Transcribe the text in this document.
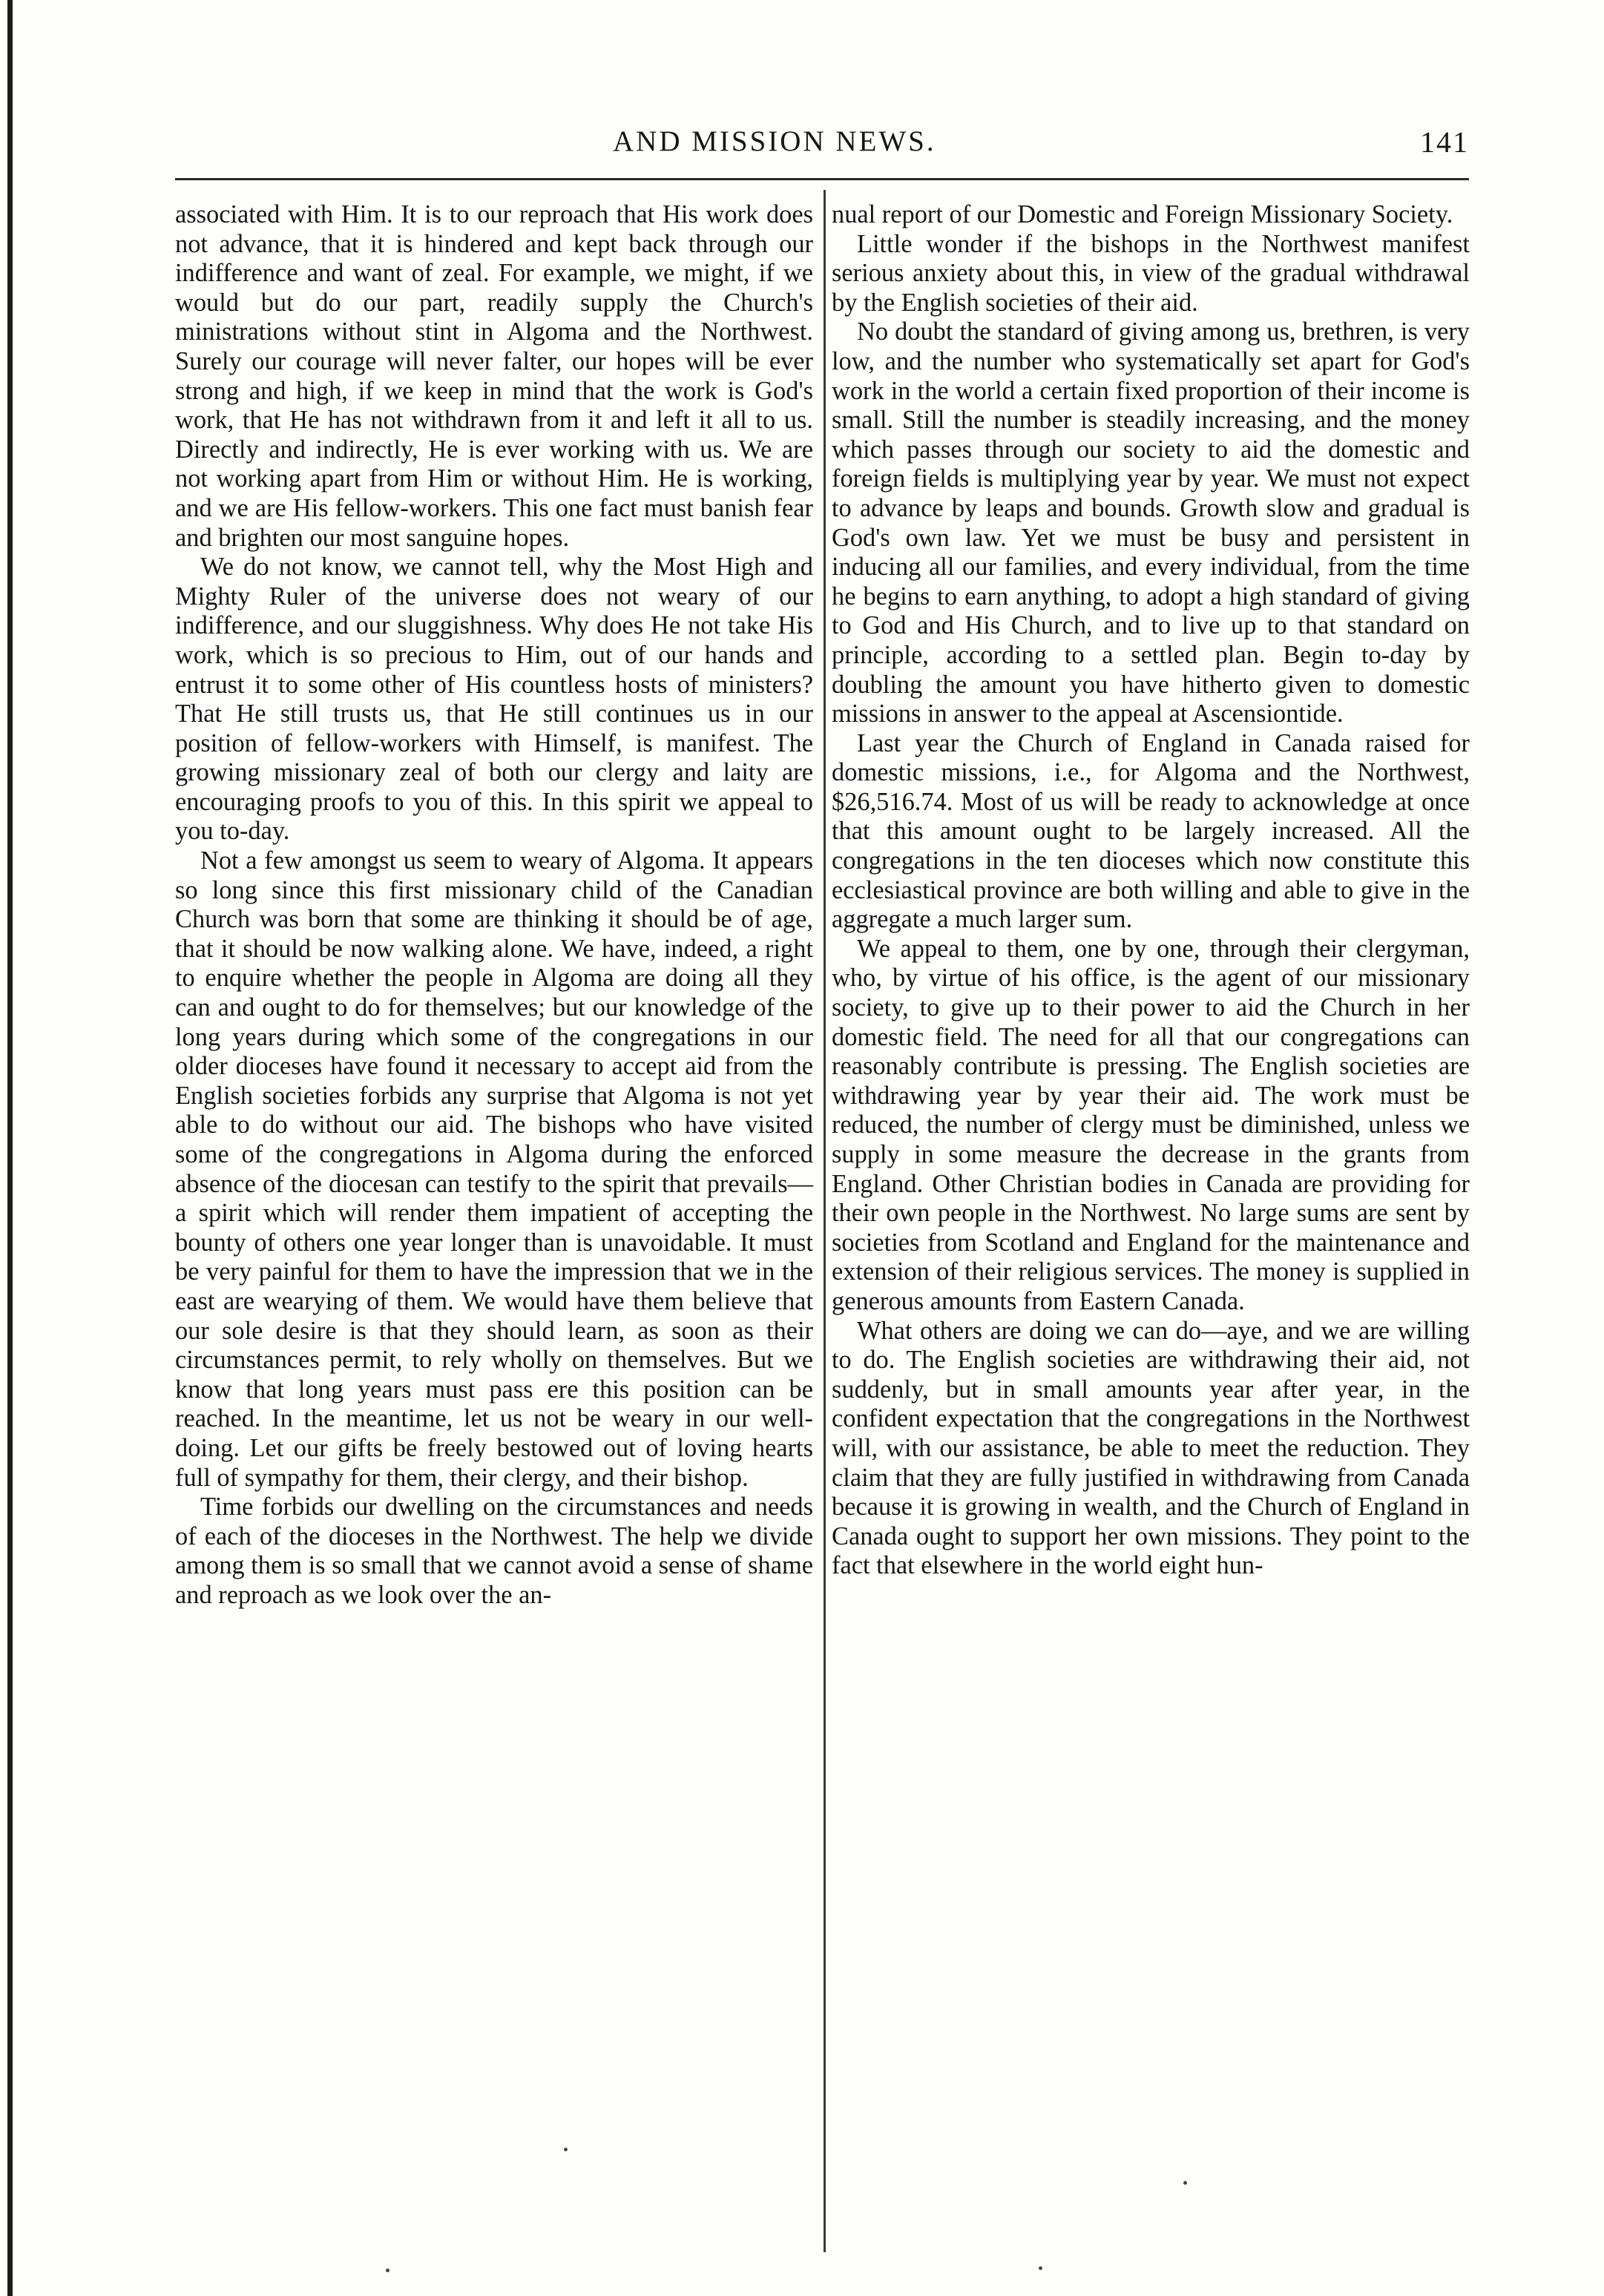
AND MISSION NEWS.	141

associated with Him. It is to our reproach that His work does not advance, that it is hindered and kept back through our indifference and want of zeal. For example, we might, if we would but do our part, readily supply the Church's ministrations without stint in Algoma and the Northwest. Surely our courage will never falter, our hopes will be ever strong and high, if we keep in mind that the work is God's work, that He has not withdrawn from it and left it all to us. Directly and indirectly, He is ever working with us. We are not working apart from Him or without Him. He is working, and we are His fellow-workers. This one fact must banish fear and brighten our most sanguine hopes.

We do not know, we cannot tell, why the Most High and Mighty Ruler of the universe does not weary of our indifference, and our sluggishness. Why does He not take His work, which is so precious to Him, out of our hands and entrust it to some other of His countless hosts of ministers? That He still trusts us, that He still continues us in our position of fellow-workers with Himself, is manifest. The growing missionary zeal of both our clergy and laity are encouraging proofs to you of this. In this spirit we appeal to you to-day.

Not a few amongst us seem to weary of Algoma. It appears so long since this first missionary child of the Canadian Church was born that some are thinking it should be of age, that it should be now walking alone. We have, indeed, a right to enquire whether the people in Algoma are doing all they can and ought to do for themselves; but our knowledge of the long years during which some of the congregations in our older dioceses have found it necessary to accept aid from the English societies forbids any surprise that Algoma is not yet able to do without our aid. The bishops who have visited some of the congregations in Algoma during the enforced absence of the diocesan can testify to the spirit that prevails—a spirit which will render them impatient of accepting the bounty of others one year longer than is unavoidable. It must be very painful for them to have the impression that we in the east are wearying of them. We would have them believe that our sole desire is that they should learn, as soon as their circumstances permit, to rely wholly on themselves. But we know that long years must pass ere this position can be reached. In the meantime, let us not be weary in our well-doing. Let our gifts be freely bestowed out of loving hearts full of sympathy for them, their clergy, and their bishop.

Time forbids our dwelling on the circumstances and needs of each of the dioceses in the Northwest. The help we divide among them is so small that we cannot avoid a sense of shame and reproach as we look over the an-

nual report of our Domestic and Foreign Missionary Society.

Little wonder if the bishops in the Northwest manifest serious anxiety about this, in view of the gradual withdrawal by the English societies of their aid.

No doubt the standard of giving among us, brethren, is very low, and the number who systematically set apart for God's work in the world a certain fixed proportion of their income is small. Still the number is steadily increasing, and the money which passes through our society to aid the domestic and foreign fields is multiplying year by year. We must not expect to advance by leaps and bounds. Growth slow and gradual is God's own law. Yet we must be busy and persistent in inducing all our families, and every individual, from the time he begins to earn anything, to adopt a high standard of giving to God and His Church, and to live up to that standard on principle, according to a settled plan. Begin to-day by doubling the amount you have hitherto given to domestic missions in answer to the appeal at Ascensiontide.

Last year the Church of England in Canada raised for domestic missions, i.e., for Algoma and the Northwest, $26,516.74. Most of us will be ready to acknowledge at once that this amount ought to be largely increased. All the congregations in the ten dioceses which now constitute this ecclesiastical province are both willing and able to give in the aggregate a much larger sum.

We appeal to them, one by one, through their clergyman, who, by virtue of his office, is the agent of our missionary society, to give up to their power to aid the Church in her domestic field. The need for all that our congregations can reasonably contribute is pressing. The English societies are withdrawing year by year their aid. The work must be reduced, the number of clergy must be diminished, unless we supply in some measure the decrease in the grants from England. Other Christian bodies in Canada are providing for their own people in the Northwest. No large sums are sent by societies from Scotland and England for the maintenance and extension of their religious services. The money is supplied in generous amounts from Eastern Canada.

What others are doing we can do—aye, and we are willing to do. The English societies are withdrawing their aid, not suddenly, but in small amounts year after year, in the confident expectation that the congregations in the Northwest will, with our assistance, be able to meet the reduction. They claim that they are fully justified in withdrawing from Canada because it is growing in wealth, and the Church of England in Canada ought to support her own missions. They point to the fact that elsewhere in the world eight hun-
